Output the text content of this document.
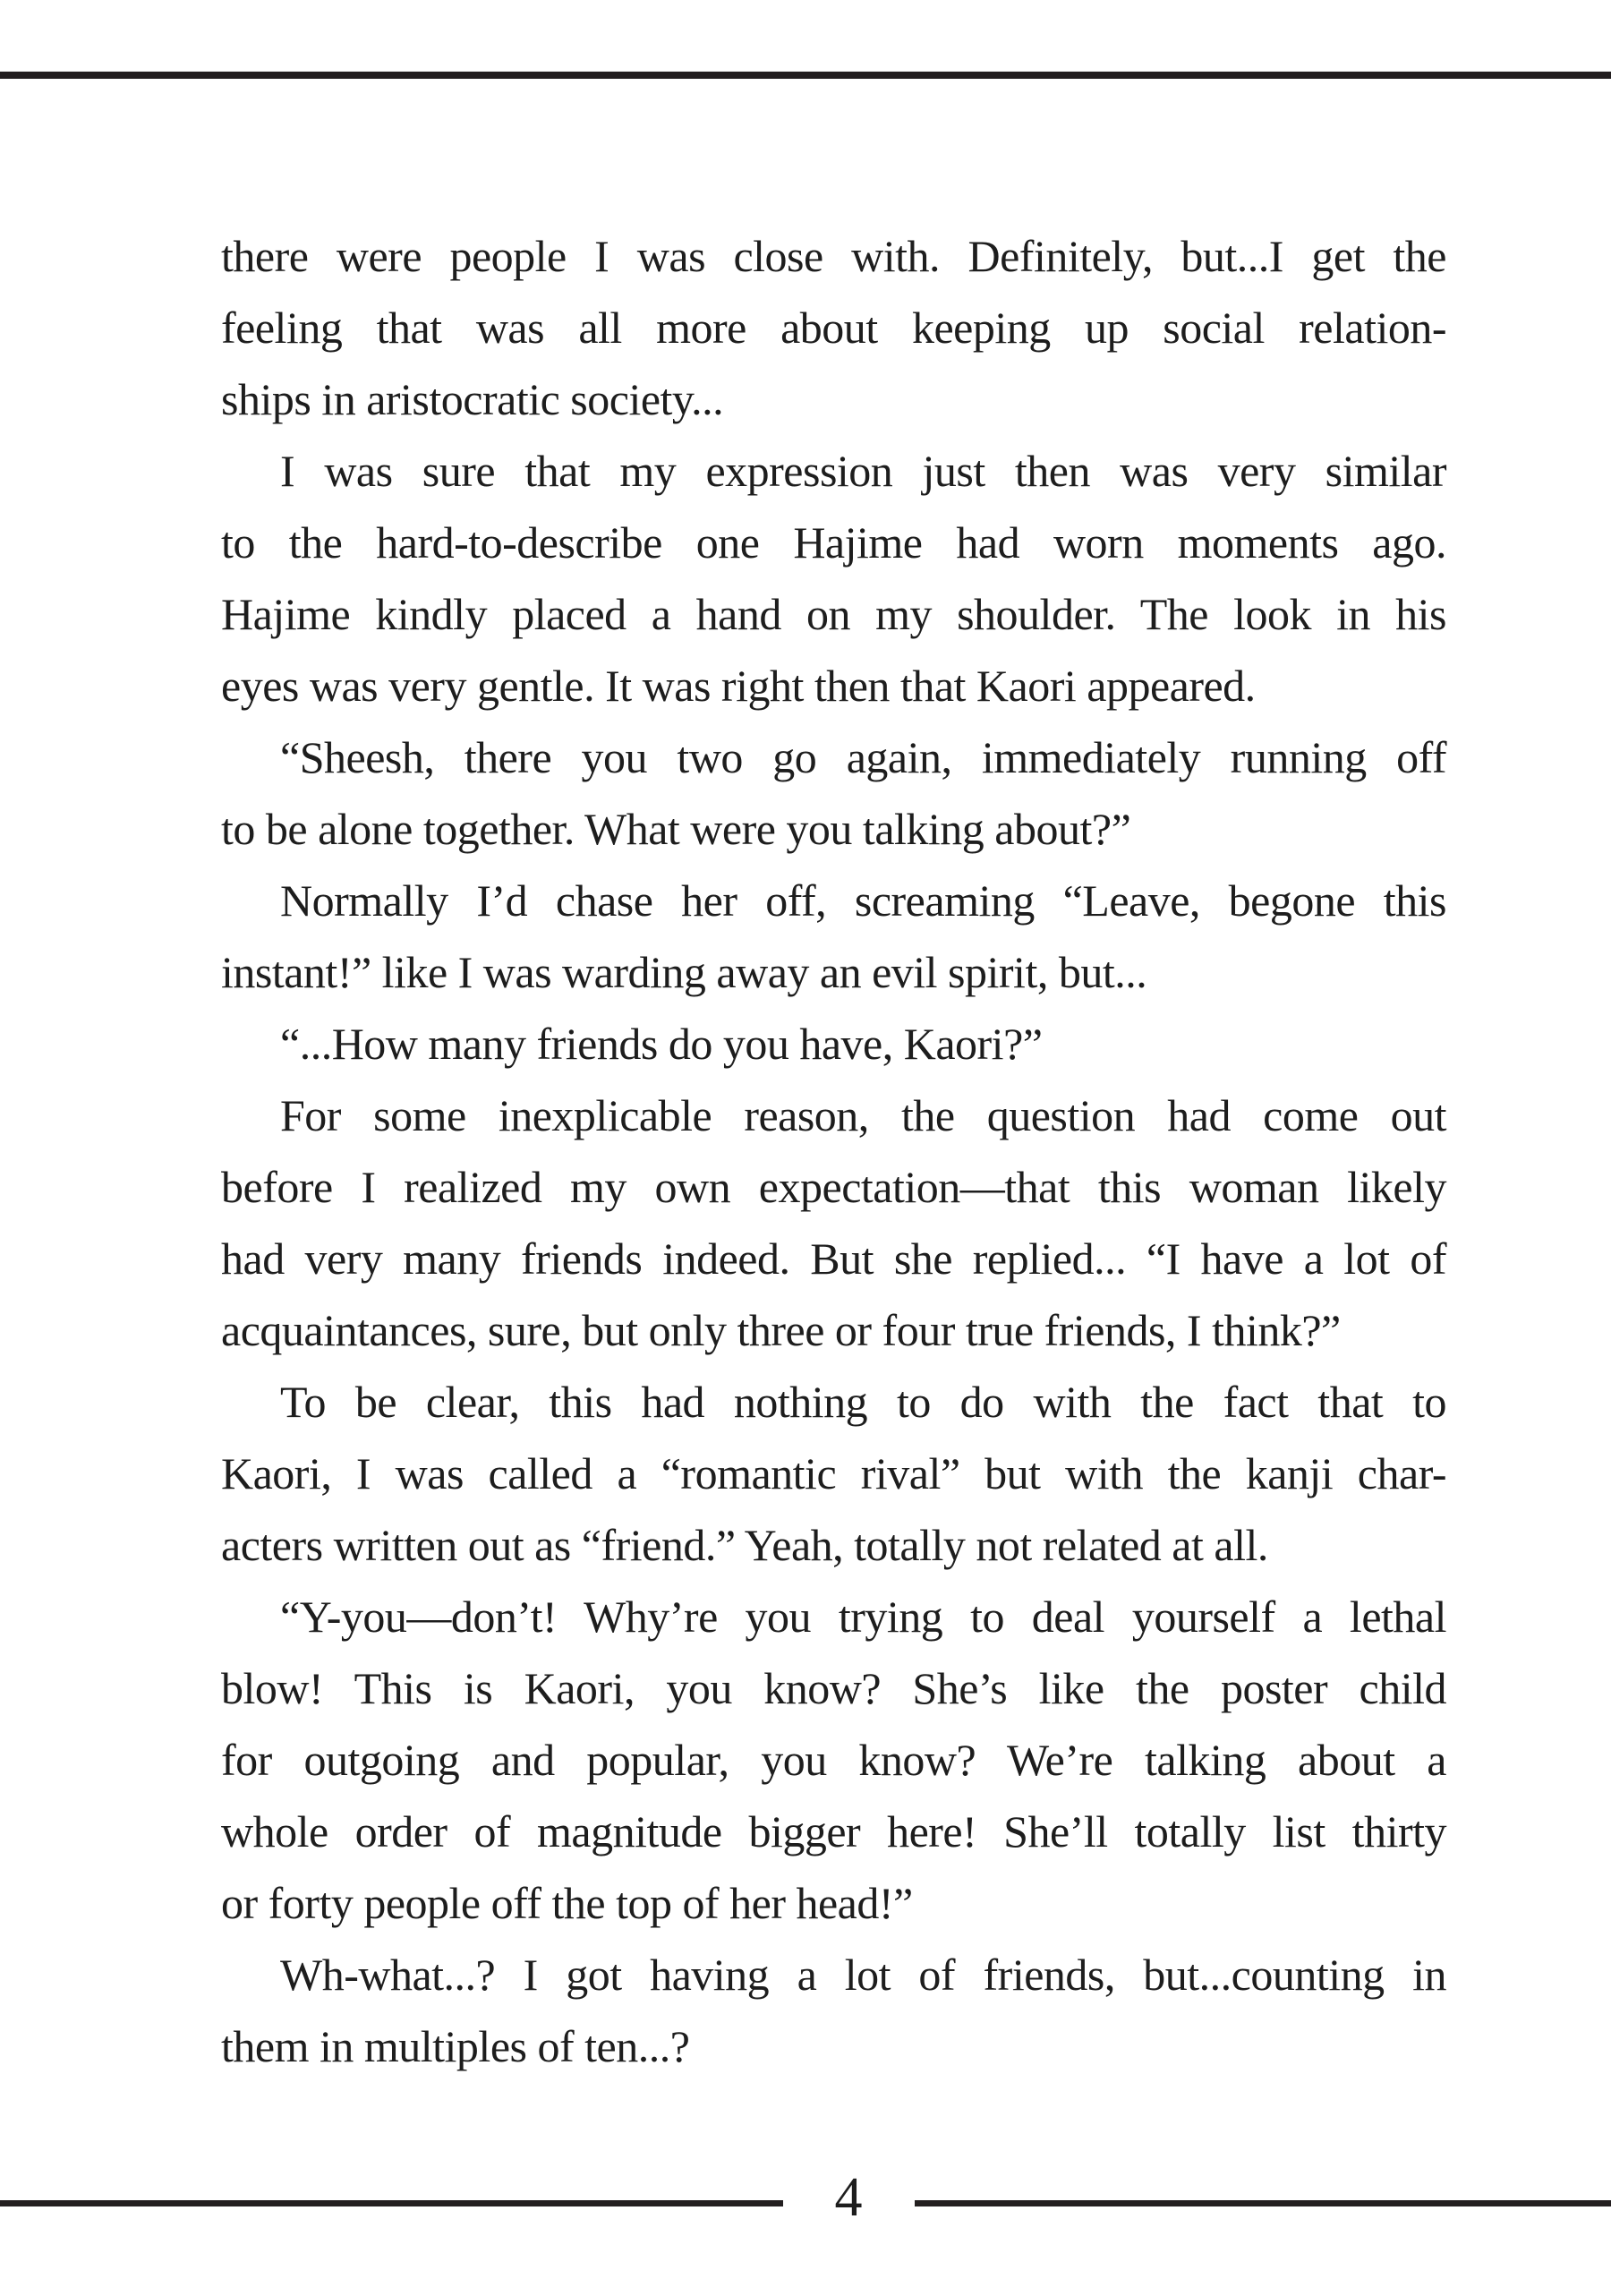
there were people I was close with. Definitely, but...I get the
feeling that was all more about keeping up social relation-
ships in aristocratic society...
I was sure that my expression just then was very similar
to the hard-to-describe one Hajime had worn moments ago.
Hajime kindly placed a hand on my shoulder. The look in his
eyes was very gentle. It was right then that Kaori appeared.
“Sheesh, there you two go again, immediately running off
to be alone together. What were you talking about?”
Normally I’d chase her off, screaming “Leave, begone this
instant!” like I was warding away an evil spirit, but...
“...How many friends do you have, Kaori?”
For some inexplicable reason, the question had come out
before I realized my own expectation—that this woman likely
had very many friends indeed. But she replied... “I have a lot of
acquaintances, sure, but only three or four true friends, I think?”
To be clear, this had nothing to do with the fact that to
Kaori, I was called a “romantic rival” but with the kanji char-
acters written out as “friend.” Yeah, totally not related at all.
“Y-you—don’t! Why’re you trying to deal yourself a lethal
blow! This is Kaori, you know? She’s like the poster child
for outgoing and popular, you know? We’re talking about a
whole order of magnitude bigger here! She’ll totally list thirty
or forty people off the top of her head!”
Wh-what...? I got having a lot of friends, but...counting in
them in multiples of ten...?
4
